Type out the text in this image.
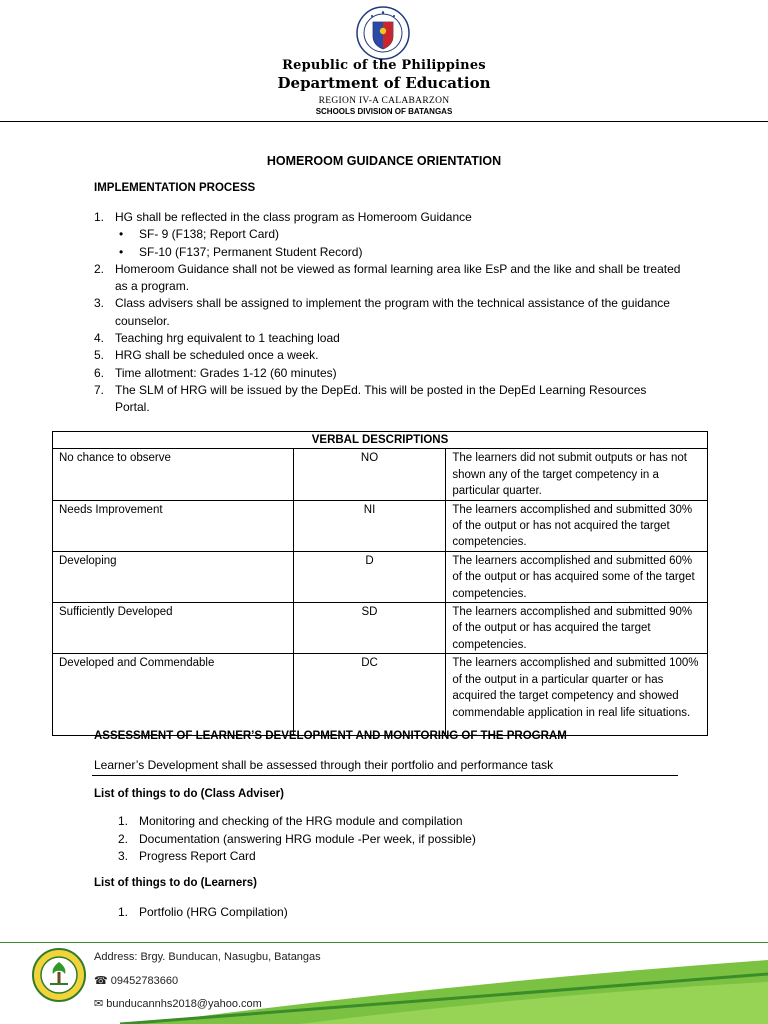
Republic of the Philippines
Department of Education
REGION IV-A CALABARZON
SCHOOLS DIVISION OF BATANGAS
HOMEROOM GUIDANCE ORIENTATION
IMPLEMENTATION PROCESS
1. HG shall be reflected in the class program as Homeroom Guidance
• SF- 9 (F138; Report Card)
• SF-10 (F137; Permanent Student Record)
2. Homeroom Guidance shall not be viewed as formal learning area like EsP and the like and shall be treated as a program.
3. Class advisers shall be assigned to implement the program with the technical assistance of the guidance counselor.
4. Teaching hrg equivalent to 1 teaching load
5. HRG shall be scheduled once a week.
6. Time allotment: Grades 1-12 (60 minutes)
7. The SLM of HRG will be issued by the DepEd. This will be posted in the DepEd Learning Resources Portal.
VERBAL DESCRIPTIONS		
No chance to observe	NO	The learners did not submit outputs or has not shown any of the target competency in a particular quarter.
Needs Improvement	NI	The learners accomplished and submitted 30% of the output or has not acquired the target competencies.
Developing	D	The learners accomplished and submitted 60% of the output or has acquired some of the target competencies.
Sufficiently Developed	SD	The learners accomplished and submitted 90% of the output or has acquired the target competencies.
Developed and Commendable	DC	The learners accomplished and submitted 100% of the output in a particular quarter or has acquired the target competency and showed commendable application in real life situations.
ASSESSMENT OF LEARNER’S DEVELOPMENT AND MONITORING OF THE PROGRAM
Learner’s Development shall be assessed through their portfolio and performance task
List of things to do (Class Adviser)
1. Monitoring and checking of the HRG module and compilation
2. Documentation (answering HRG module -Per week, if possible)
3. Progress Report Card
List of things to do (Learners)
1. Portfolio (HRG Compilation)
Address: Brgy. Bunducan, Nasugbu, Batangas
☎ 09452783660
✉ bunducannhs2018@yahoo.com
